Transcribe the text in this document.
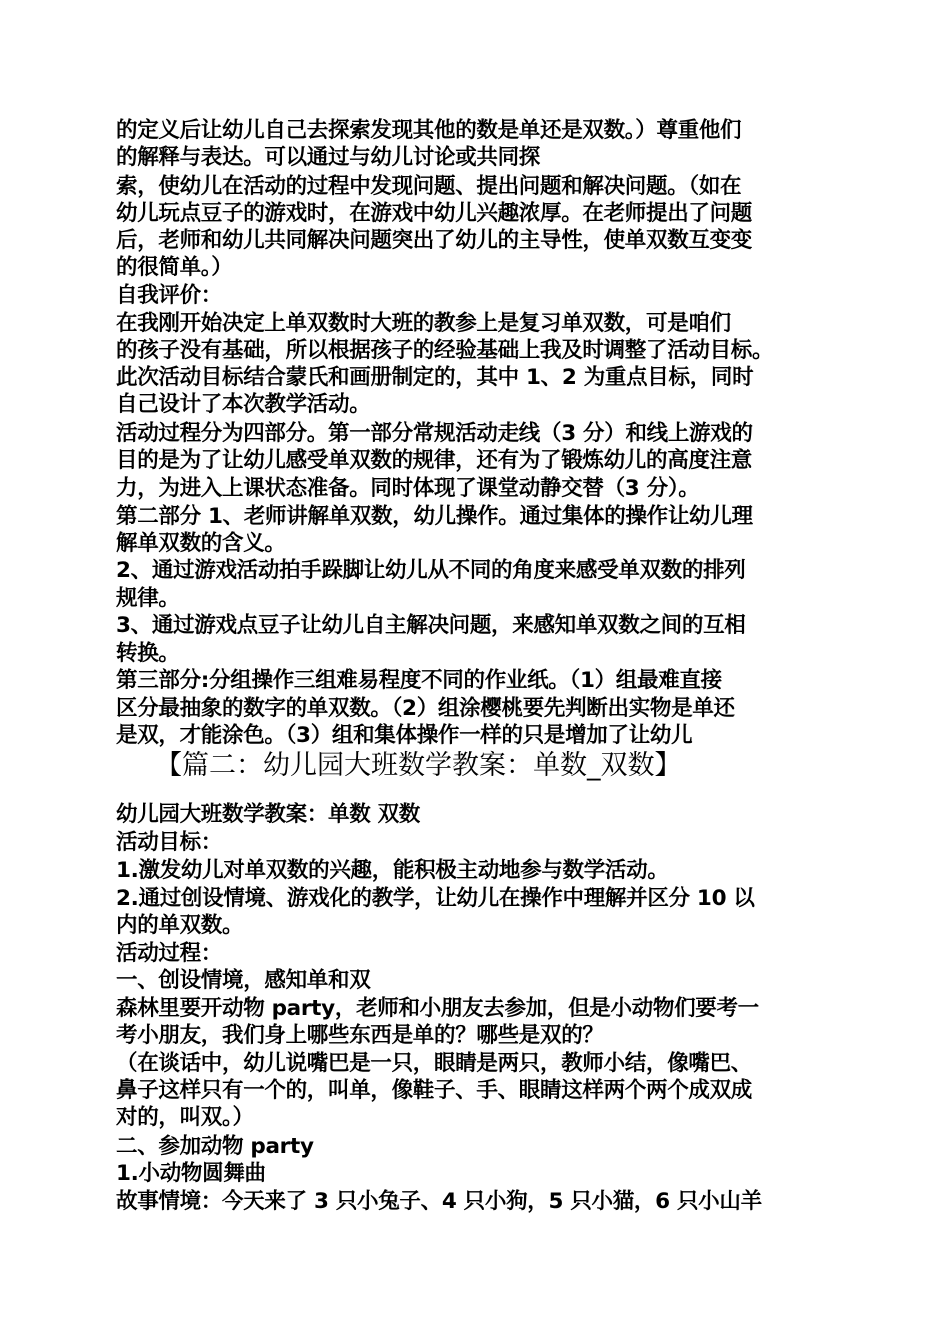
的定义后让幼儿自己去探索发现其他的数是单还是双数。）尊重他们
的解释与表达。可以通过与幼儿讨论或共同探
索，使幼儿在活动的过程中发现问题、提出问题和解决问题。（如在
幼儿玩点豆子的游戏时，在游戏中幼儿兴趣浓厚。在老师提出了问题
后，老师和幼儿共同解决问题突出了幼儿的主导性，使单双数互变变
的很简单。）
自我评价：
在我刚开始决定上单双数时大班的教参上是复习单双数，可是咱们
的孩子没有基础，所以根据孩子的经验基础上我及时调整了活动目标。
此次活动目标结合蒙氏和画册制定的，其中 1、2 为重点目标，同时
自己设计了本次教学活动。
活动过程分为四部分。第一部分常规活动走线（3 分）和线上游戏的
目的是为了让幼儿感受单双数的规律，还有为了锻炼幼儿的高度注意
力，为进入上课状态准备。同时体现了课堂动静交替（3 分）。
第二部分 1、老师讲解单双数，幼儿操作。通过集体的操作让幼儿理
解单双数的含义。
2、通过游戏活动拍手跺脚让幼儿从不同的角度来感受单双数的排列
规律。
3、通过游戏点豆子让幼儿自主解决问题，来感知单双数之间的互相
转换。
第三部分:分组操作三组难易程度不同的作业纸。（1）组最难直接
区分最抽象的数字的单双数。（2）组涂樱桃要先判断出实物是单还
是双，才能涂色。（3）组和集体操作一样的只是增加了让幼儿
【篇二：幼儿园大班数学教案：单数_双数】
幼儿园大班数学教案：单数 双数
活动目标：
1.激发幼儿对单双数的兴趣，能积极主动地参与数学活动。
2.通过创设情境、游戏化的教学，让幼儿在操作中理解并区分 10 以
内的单双数。
活动过程：
一、创设情境，感知单和双
森林里要开动物 party，老师和小朋友去参加，但是小动物们要考一
考小朋友，我们身上哪些东西是单的？哪些是双的？
（在谈话中，幼儿说嘴巴是一只，眼睛是两只，教师小结，像嘴巴、
鼻子这样只有一个的，叫单，像鞋子、手、眼睛这样两个两个成双成
对的，叫双。）
二、参加动物 party
1.小动物圆舞曲
故事情境：今天来了 3 只小兔子、4 只小狗，5 只小猫，6 只小山羊
